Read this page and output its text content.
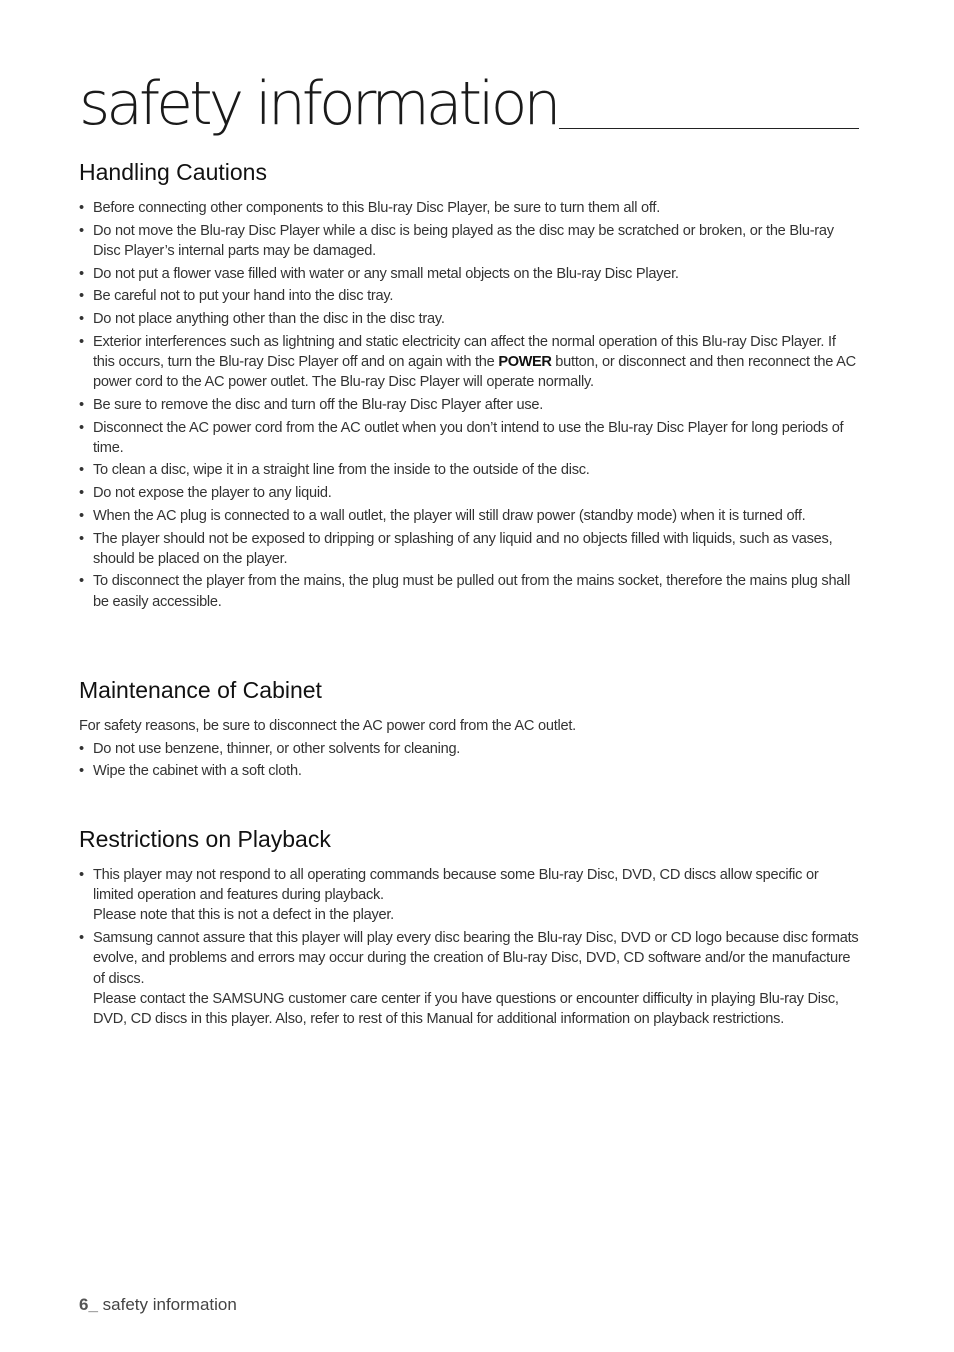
safety information
Handling Cautions
• Before connecting other components to this Blu-ray Disc Player, be sure to turn them all off.
• Do not move the Blu-ray Disc Player while a disc is being played as the disc may be scratched or broken, or the Blu-ray Disc Player’s internal parts may be damaged.
• Do not put a flower vase filled with water or any small metal objects on the Blu-ray Disc Player.
• Be careful not to put your hand into the disc tray.
• Do not place anything other than the disc in the disc tray.
• Exterior interferences such as lightning and static electricity can affect the normal operation of this Blu-ray Disc Player. If this occurs, turn the Blu-ray Disc Player off and on again with the POWER button, or disconnect and then reconnect the AC power cord to the AC power outlet. The Blu-ray Disc Player will operate normally.
• Be sure to remove the disc and turn off the Blu-ray Disc Player after use.
• Disconnect the AC power cord from the AC outlet when you don’t intend to use the Blu-ray Disc Player for long periods of time.
• To clean a disc, wipe it in a straight line from the inside to the outside of the disc.
• Do not expose the player to any liquid.
• When the AC plug is connected to a wall outlet, the player will still draw power (standby mode) when it is turned off.
• The player should not be exposed to dripping or splashing of any liquid and no objects filled with liquids, such as vases, should be placed on the player.
• To disconnect the player from the mains, the plug must be pulled out from the mains socket, therefore the mains plug shall be easily accessible.
Maintenance of Cabinet

For safety reasons, be sure to disconnect the AC power cord from the AC outlet.

• Do not use benzene, thinner, or other solvents for cleaning.
• Wipe the cabinet with a soft cloth.
Restrictions on Playback
• This player may not respond to all operating commands because some Blu-ray Disc, DVD, CD discs allow specific or limited operation and features during playback.
Please note that this is not a defect in the player.
• Samsung cannot assure that this player will play every disc bearing the Blu-ray Disc, DVD or CD logo because disc formats evolve, and problems and errors may occur during the creation of Blu-ray Disc, DVD, CD software and/or the manufacture of discs.
Please contact the SAMSUNG customer care center if you have questions or encounter difficulty in playing Blu-ray Disc, DVD, CD discs in this player. Also, refer to rest of this Manual for additional information on playback restrictions.
6_ safety information
